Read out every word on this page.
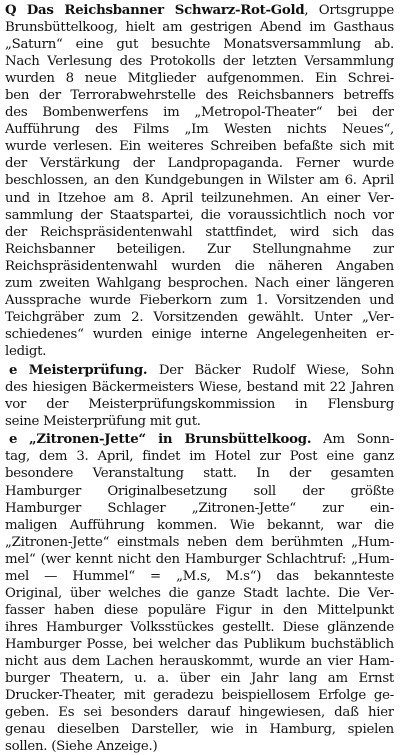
Q Das Reichsbanner Schwarz-Rot-Gold, Ortsgruppe
Brunsbüttelkoog, hielt am gestrigen Abend im Gasthaus
„Saturn“ eine gut besuchte Monatsversammlung ab.
Nach Verlesung des Protokolls der letzten Versammlung
wurden 8 neue Mitglieder aufgenommen. Ein Schrei-
ben der Terrorabwehrstelle des Reichsbanners betreffs
des Bombenwerfens im „Metropol-Theater“ bei der
Aufführung des Films „Im Westen nichts Neues“,
wurde verlesen. Ein weiteres Schreiben befaßte sich mit
der Verstärkung der Landpropaganda. Ferner wurde
beschlossen, an den Kundgebungen in Wilster am 6. April
und in Itzehoe am 8. April teilzunehmen. An einer Ver-
sammlung der Staatspartei, die voraussichtlich noch vor
der Reichspräsidentenwahl stattfindet, wird sich das
Reichsbanner beteiligen. Zur Stellungnahme zur
Reichspräsidentenwahl wurden die näheren Angaben
zum zweiten Wahlgang besprochen. Nach einer längeren
Aussprache wurde Fieberkorn zum 1. Vorsitzenden und
Teichgräber zum 2. Vorsitzenden gewählt. Unter „Ver-
schiedenes“ wurden einige interne Angelegenheiten er-
ledigt.
e Meisterprüfung. Der Bäcker Rudolf Wiese, Sohn
des hiesigen Bäckermeisters Wiese, bestand mit 22 Jahren
vor der Meisterprüfungskommission in Flensburg
seine Meisterprüfung mit gut.
e „Zitronen-Jette“ in Brunsbüttelkoog. Am Sonn-
tag, dem 3. April, findet im Hotel zur Post eine ganz
besondere Veranstaltung statt. In der gesamten
Hamburger Originalbesetzung soll der größte
Hamburger Schlager „Zitronen-Jette“ zur ein-
maligen Aufführung kommen. Wie bekannt, war die
„Zitronen-Jette“ einstmals neben dem berühmten „Hum-
mel“ (wer kennt nicht den Hamburger Schlachtruf: „Hum-
mel — Hummel“ = „M.s, M.s“) das bekannteste
Original, über welches die ganze Stadt lachte. Die Ver-
fasser haben diese populäre Figur in den Mittelpunkt
ihres Hamburger Volksstückes gestellt. Diese glänzende
Hamburger Posse, bei welcher das Publikum buchstäblich
nicht aus dem Lachen herauskommt, wurde an vier Ham-
burger Theatern, u. a. über ein Jahr lang am Ernst
Drucker-Theater, mit geradezu beispiellosem Erfolge ge-
geben. Es sei besonders darauf hingewiesen, daß hier
genau dieselben Darsteller, wie in Hamburg, spielen
sollen. (Siehe Anzeige.)
